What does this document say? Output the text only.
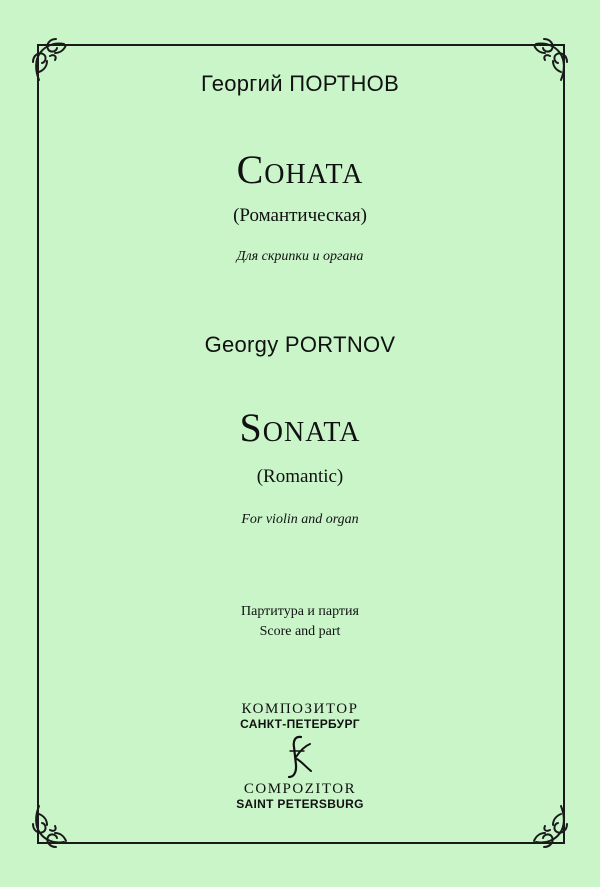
Георгий ПОРТНОВ
Соната
(Романтическая)
Для скрипки и органа
Georgy PORTNOV
Sonata
(Romantic)
For violin and organ
Партитура и партия
Score and part
КОМПОЗИТОР
САНКТ-ПЕТЕРБУРГ
COMPOZITOR
SAINT PETERSBURG
